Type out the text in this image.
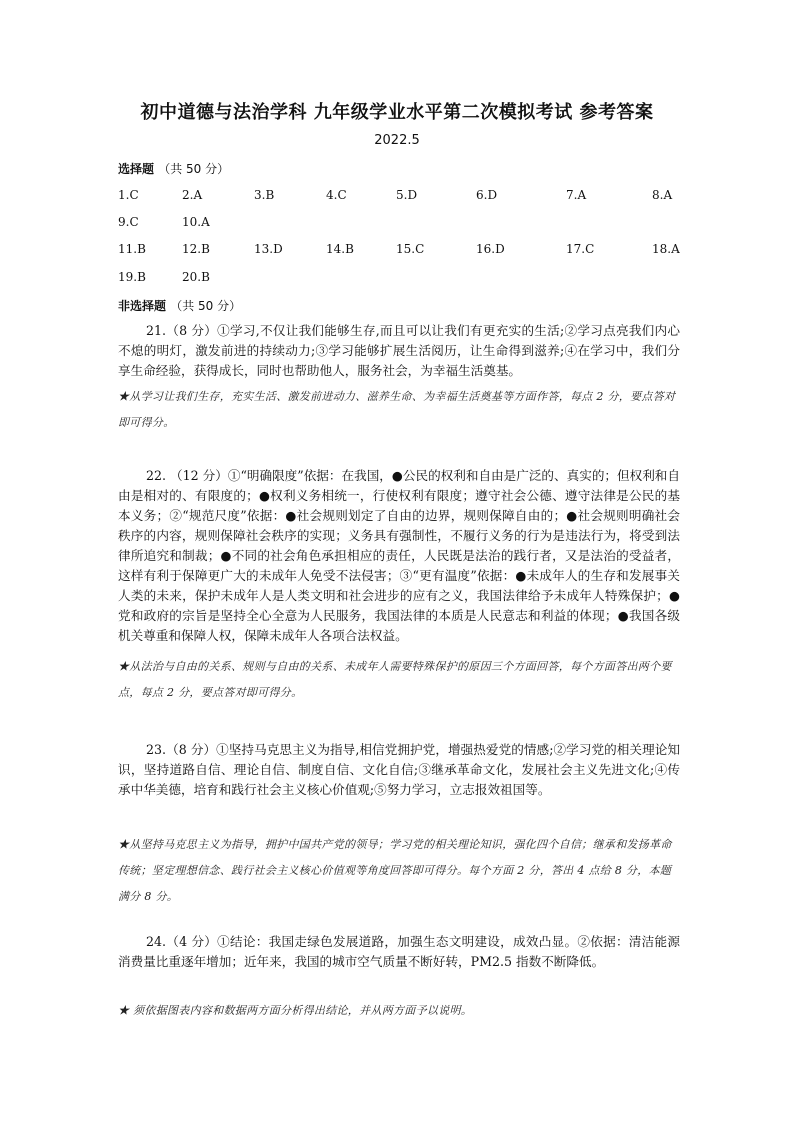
初中道德与法治学科 九年级学业水平第二次模拟考试 参考答案
2022.5
选择题 （共 50 分）
1.C	2.A	3.B	4.C	5.D	6.D	7.A	8.A
9.C	10.A
11.B	12.B	13.D	14.B	15.C	16.D	17.C	18.A
19.B	20.B
非选择题 （共 50 分）
21.（8 分）①学习,不仅让我们能够生存,而且可以让我们有更充实的生活;②学习点亮我们内心不熄的明灯，激发前进的持续动力;③学习能够扩展生活阅历，让生命得到滋养;④在学习中，我们分享生命经验，获得成长，同时也帮助他人，服务社会，为幸福生活奠基。
★从学习让我们生存，充实生活、激发前进动力、滋养生命、为幸福生活奠基等方面作答，每点 2 分，要点答对即可得分。
22. （12 分）①“明确限度”依据：在我国，●公民的权利和自由是广泛的、真实的；但权利和自由是相对的、有限度的；●权利义务相统一，行使权利有限度；遵守社会公德、遵守法律是公民的基本义务；②“规范尺度”依据：●社会规则划定了自由的边界，规则保障自由的；●社会规则明确社会秩序的内容，规则保障社会秩序的实现；义务具有强制性，不履行义务的行为是违法行为，将受到法律所追究和制裁；●不同的社会角色承担相应的责任，人民既是法治的践行者，又是法治的受益者，这样有利于保障更广大的未成年人免受不法侵害；③“更有温度”依据：●未成年人的生存和发展事关人类的未来，保护未成年人是人类文明和社会进步的应有之义，我国法律给予未成年人特殊保护；●党和政府的宗旨是坚持全心全意为人民服务，我国法律的本质是人民意志和利益的体现；●我国各级机关尊重和保障人权，保障未成年人各项合法权益。
★从法治与自由的关系、规则与自由的关系、未成年人需要特殊保护的原因三个方面回答，每个方面答出两个要点，每点 2 分，要点答对即可得分。
23.（8 分）①坚持马克思主义为指导,相信党拥护党，增强热爱党的情感;②学习党的相关理论知识，坚持道路自信、理论自信、制度自信、文化自信;③继承革命文化，发展社会主义先进文化;④传承中华美德，培育和践行社会主义核心价值观;⑤努力学习，立志报效祖国等。
★从坚持马克思主义为指导，拥护中国共产党的领导；学习党的相关理论知识，强化四个自信；继承和发扬革命传统；坚定理想信念、践行社会主义核心价值观等角度回答即可得分。每个方面 2 分，答出 4 点给 8 分，本题满分 8 分。
24.（4 分）①结论：我国走绿色发展道路，加强生态文明建设，成效凸显。②依据：清洁能源消费量比重逐年增加；近年来，我国的城市空气质量不断好转，PM2.5 指数不断降低。
★ 须依据图表内容和数据两方面分析得出结论，并从两方面予以说明。
